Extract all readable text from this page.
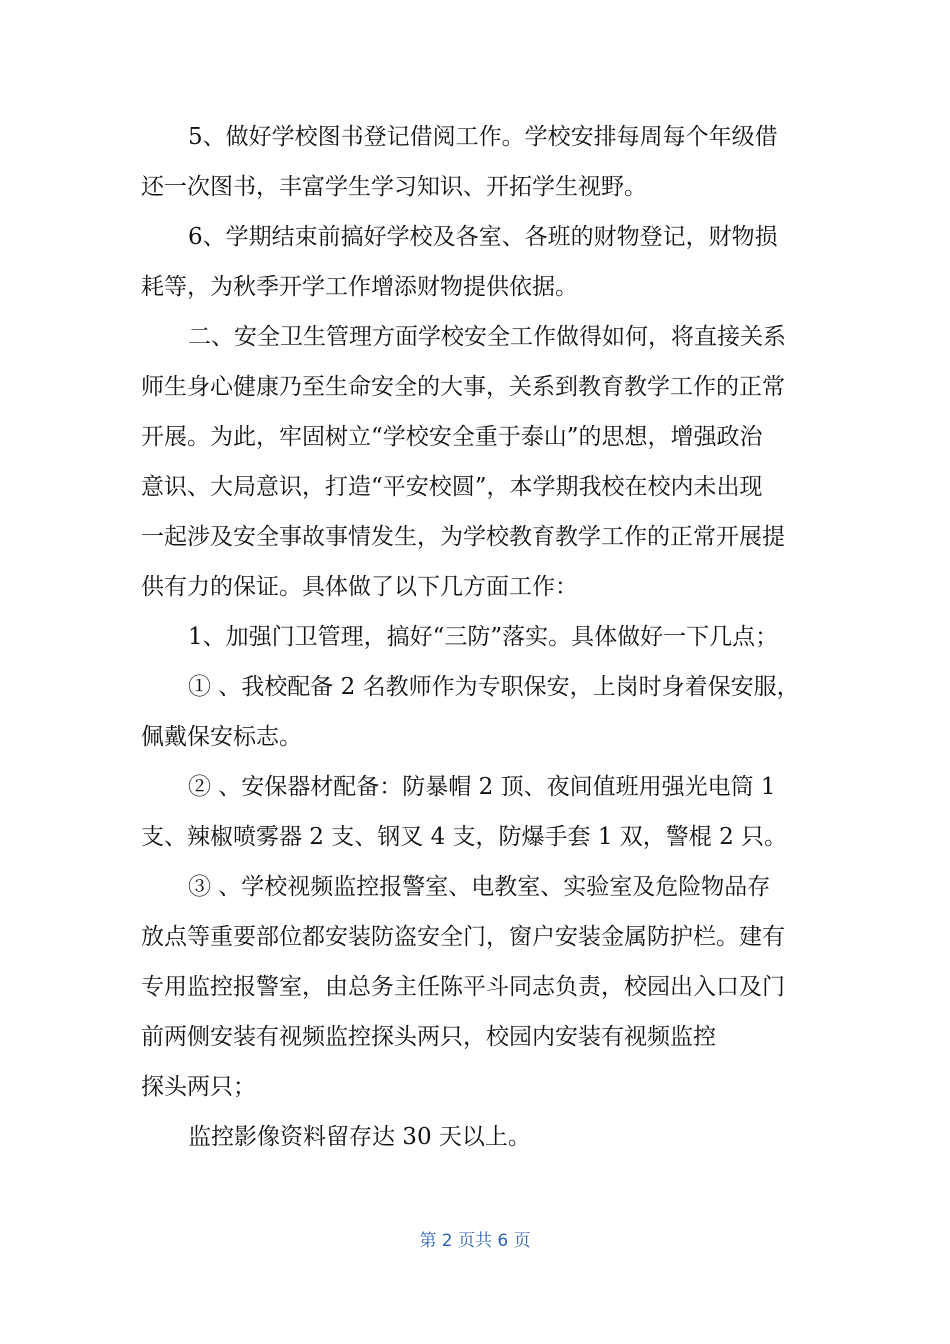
5、做好学校图书登记借阅工作。学校安排每周每个年级借
还一次图书，丰富学生学习知识、开拓学生视野。
6、学期结束前搞好学校及各室、各班的财物登记，财物损
耗等，为秋季开学工作增添财物提供依据。
二、安全卫生管理方面学校安全工作做得如何，将直接关系
师生身心健康乃至生命安全的大事，关系到教育教学工作的正常
开展。为此，牢固树立“学校安全重于泰山”的思想，增强政治
意识、大局意识，打造“平安校圆”，本学期我校在校内未出现
一起涉及安全事故事情发生，为学校教育教学工作的正常开展提
供有力的保证。具体做了以下几方面工作：
1、加强门卫管理，搞好“三防”落实。具体做好一下几点；
① 、我校配备 2 名教师作为专职保安，上岗时身着保安服，
佩戴保安标志。
② 、安保器材配备：防暴帽 2 顶、夜间值班用强光电筒 1
支、辣椒喷雾器 2 支、钢叉 4 支，防爆手套 1 双，警棍 2 只。
③ 、学校视频监控报警室、电教室、实验室及危险物品存
放点等重要部位都安装防盗安全门，窗户安装金属防护栏。建有
专用监控报警室，由总务主任陈平斗同志负责，校园出入口及门
前两侧安装有视频监控探头两只，校园内安装有视频监控
探头两只；
监控影像资料留存达 30 天以上。
第 2 页共 6 页
